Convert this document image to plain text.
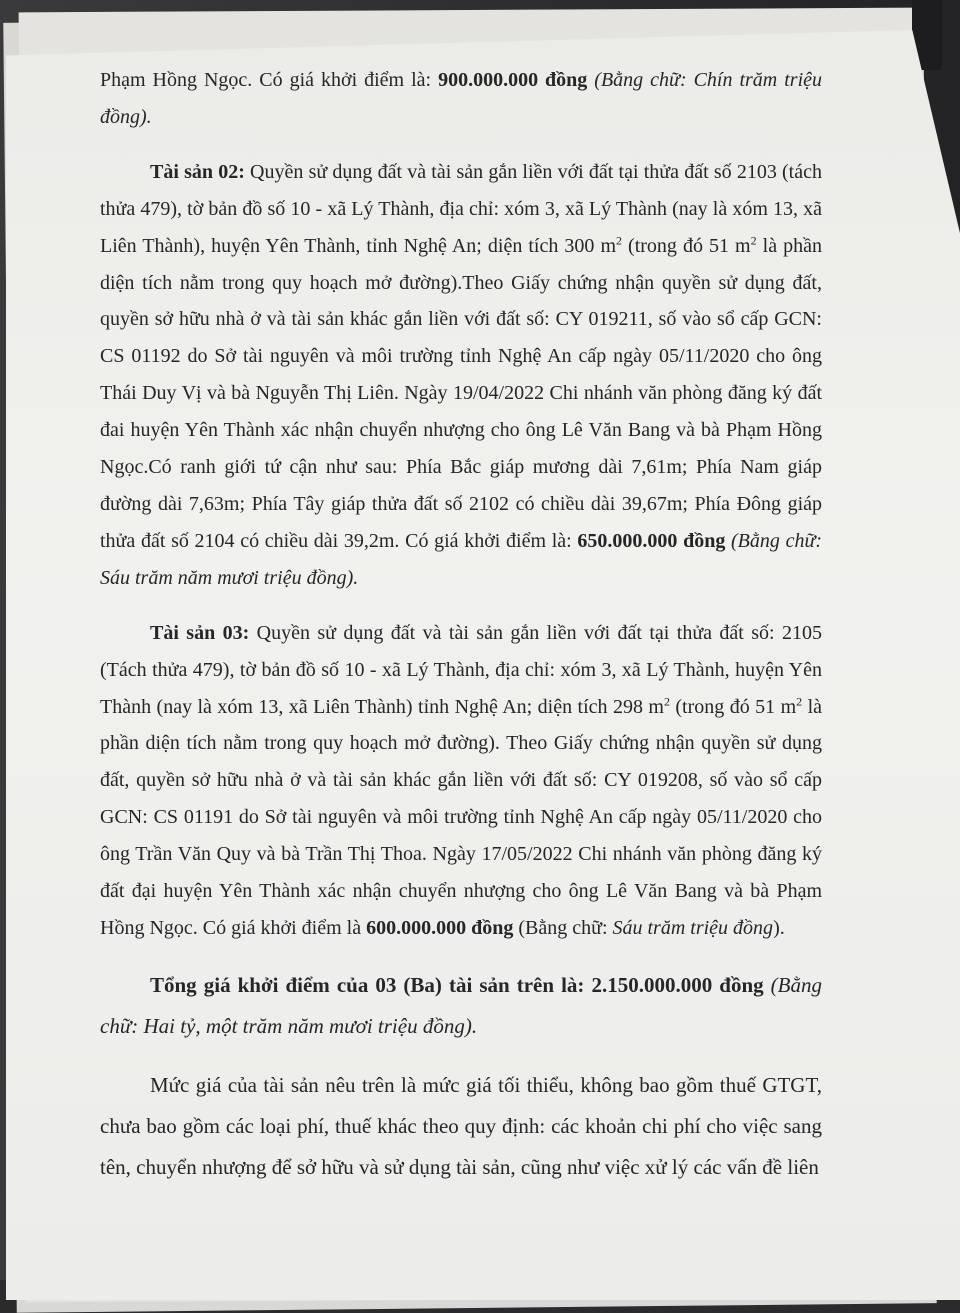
Phạm Hồng Ngọc. Có giá khởi điểm là: 900.000.000 đồng (Bằng chữ: Chín trăm triệu đồng).

Tài sản 02: Quyền sử dụng đất và tài sản gắn liền với đất tại thửa đất số 2103 (tách thửa 479), tờ bản đồ số 10 - xã Lý Thành, địa chỉ: xóm 3, xã Lý Thành (nay là xóm 13, xã Liên Thành), huyện Yên Thành, tỉnh Nghệ An; diện tích 300 $m^2$ (trong đó 51 $m^2$ là phần diện tích nằm trong quy hoạch mở đường).Theo Giấy chứng nhận quyền sử dụng đất, quyền sở hữu nhà ở và tài sản khác gắn liền với đất số: CY 019211, số vào sổ cấp GCN: CS 01192 do Sở tài nguyên và môi trường tỉnh Nghệ An cấp ngày 05/11/2020 cho ông Thái Duy Vị và bà Nguyễn Thị Liên. Ngày 19/04/2022 Chi nhánh văn phòng đăng ký đất đai huyện Yên Thành xác nhận chuyển nhượng cho ông Lê Văn Bang và bà Phạm Hồng Ngọc.Có ranh giới tứ cận như sau: Phía Bắc giáp mương dài 7,61m; Phía Nam giáp đường dài 7,63m; Phía Tây giáp thửa đất số 2102 có chiều dài 39,67m; Phía Đông giáp thửa đất số 2104 có chiều dài 39,2m. Có giá khởi điểm là: 650.000.000 đồng (Bằng chữ: Sáu trăm năm mươi triệu đồng).

Tài sản 03: Quyền sử dụng đất và tài sản gắn liền với đất tại thửa đất số: 2105 (Tách thửa 479), tờ bản đồ số 10 - xã Lý Thành, địa chỉ: xóm 3, xã Lý Thành, huyện Yên Thành (nay là xóm 13, xã Liên Thành) tỉnh Nghệ An; diện tích 298 $m^2$ (trong đó 51 $m^2$ là phần diện tích nằm trong quy hoạch mở đường). Theo Giấy chứng nhận quyền sử dụng đất, quyền sở hữu nhà ở và tài sản khác gắn liền với đất số: CY 019208, số vào sổ cấp GCN: CS 01191 do Sở tài nguyên và môi trường tỉnh Nghệ An cấp ngày 05/11/2020 cho ông Trần Văn Quy và bà Trần Thị Thoa. Ngày 17/05/2022 Chi nhánh văn phòng đăng ký đất đại huyện Yên Thành xác nhận chuyển nhượng cho ông Lê Văn Bang và bà Phạm Hồng Ngọc. Có giá khởi điểm là 600.000.000 đồng (Bằng chữ: Sáu trăm triệu đồng).

Tổng giá khởi điểm của 03 (Ba) tài sản trên là: 2.150.000.000 đồng (Bằng chữ: Hai tỷ, một trăm năm mươi triệu đồng).

Mức giá của tài sản nêu trên là mức giá tối thiểu, không bao gồm thuế GTGT, chưa bao gồm các loại phí, thuế khác theo quy định: các khoản chi phí cho việc sang tên, chuyển nhượng để sở hữu và sử dụng tài sản, cũng như việc xử lý các vấn đề liên
